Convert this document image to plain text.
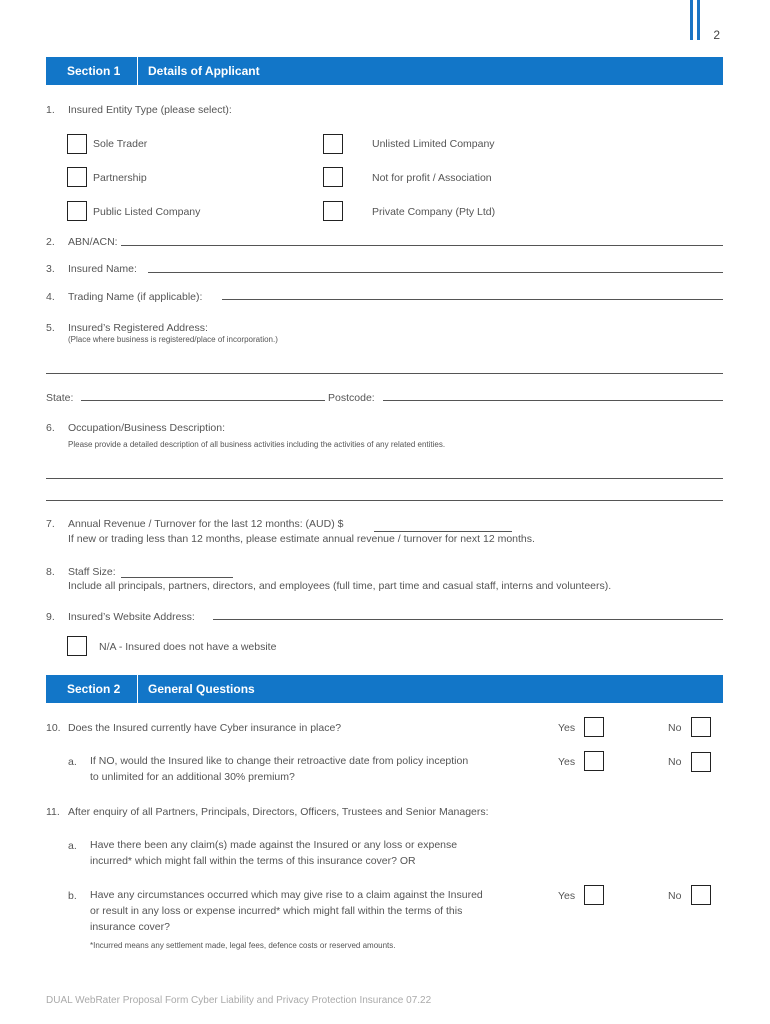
2
Section 1 Details of Applicant
1. Insured Entity Type (please select):
Sole Trader	Unlisted Limited Company
Partnership	Not for profit / Association
Public Listed Company	Private Company (Pty Ltd)
2. ABN/ACN:
3. Insured Name:
4. Trading Name (if applicable):
5. Insured’s Registered Address:
(Place where business is registered/place of incorporation.)
State:	Postcode:
6. Occupation/Business Description:
Please provide a detailed description of all business activities including the activities of any related entities.
7. Annual Revenue / Turnover for the last 12 months: (AUD) $
If new or trading less than 12 months, please estimate annual revenue / turnover for next 12 months.
8. Staff Size:
Include all principals, partners, directors, and employees (full time, part time and casual staff, interns and volunteers).
9. Insured’s Website Address:
N/A - Insured does not have a website
Section 2 General Questions
10. Does the Insured currently have Cyber insurance in place?	Yes	No
a. If NO, would the Insured like to change their retroactive date from policy inception
to unlimited for an additional 30% premium?
Yes	No
11. After enquiry of all Partners, Principals, Directors, Officers, Trustees and Senior Managers:
a. Have there been any claim(s) made against the Insured or any loss or expense
incurred* which might fall within the terms of this insurance cover? OR
b. Have any circumstances occurred which may give rise to a claim against the Insured
or result in any loss or expense incurred* which might fall within the terms of this
insurance cover?
Yes	No
*Incurred means any settlement made, legal fees, defence costs or reserved amounts.
DUAL WebRater Proposal Form Cyber Liability and Privacy Protection Insurance 07.22
